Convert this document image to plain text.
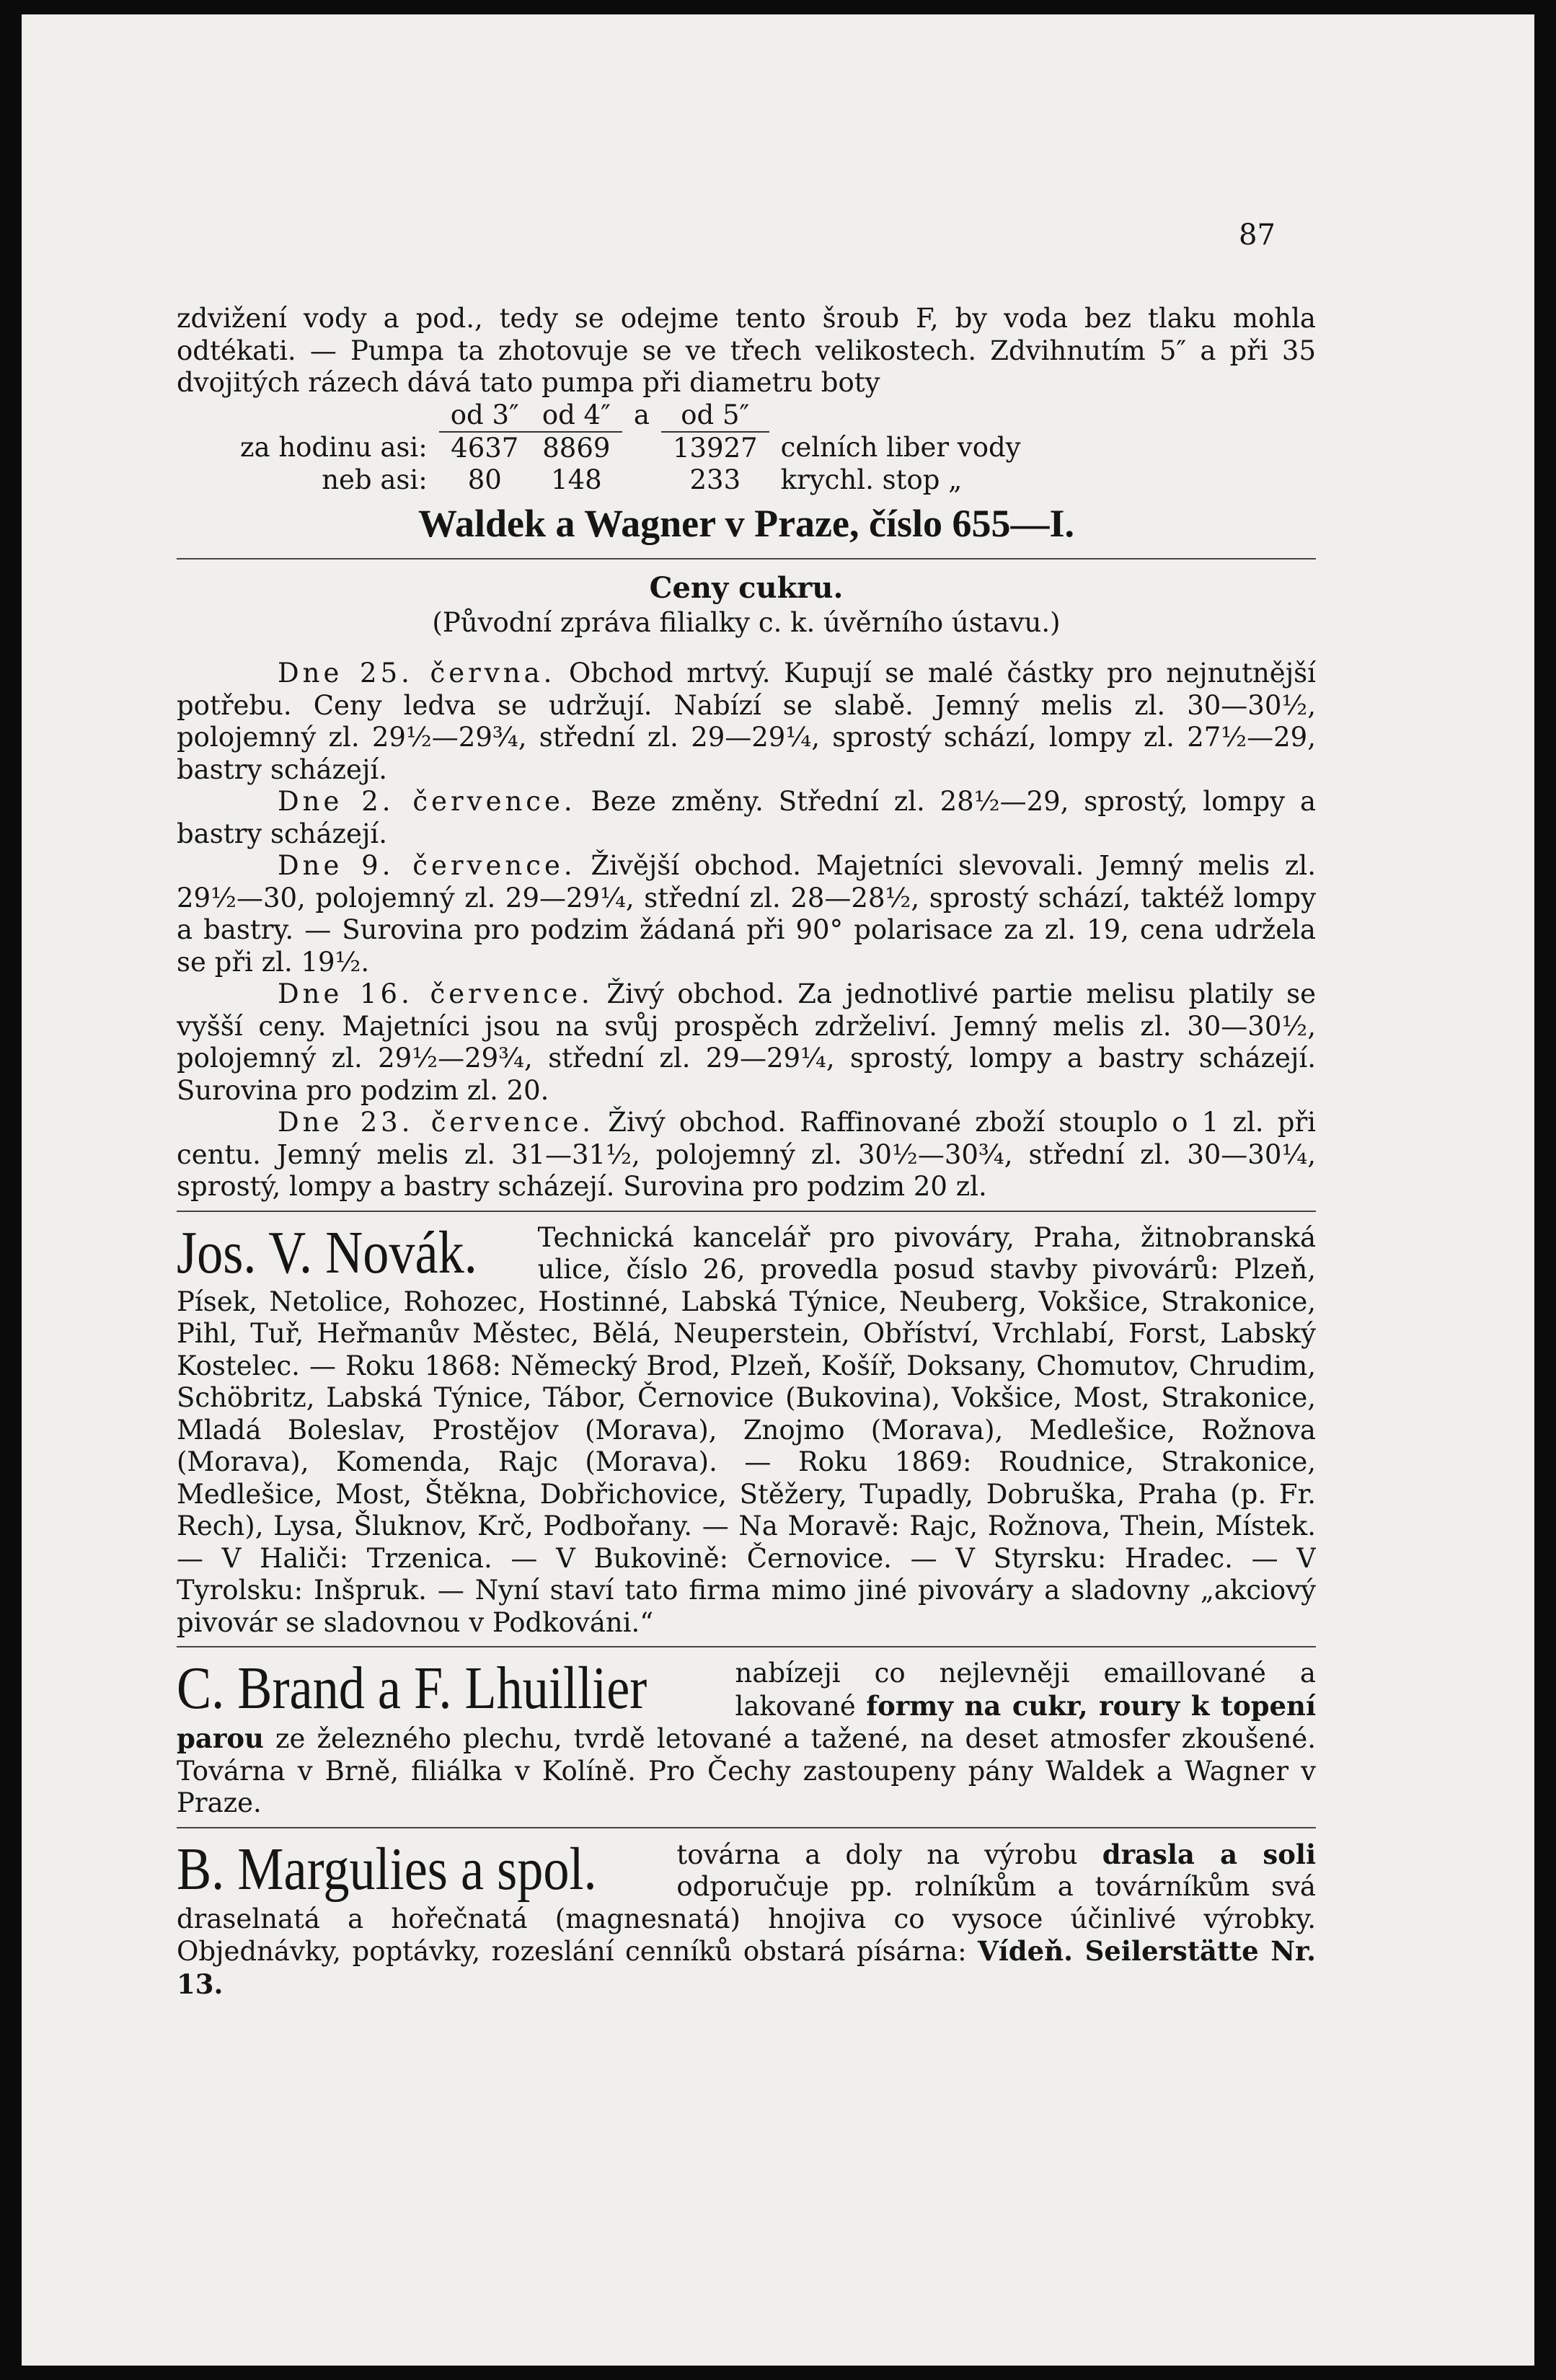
87

zdvižení vody a pod., tedy se odejme tento šroub F, by voda bez tlaku mohla odtékati. — Pumpa ta zhotovuje se ve třech velikostech. Zdvihnutím 5″ a při 35 dvojitých rázech dává tato pumpa při diametru boty

	od 3″	od 4″	a	od 5″	
za hodinu asi:	4637	8869		13927	celních liber vody
neb asi:	80	148		233	krychl. stop „
Waldek a Wagner v Praze, číslo 655—I.
Ceny cukru.
(Původní zpráva filialky c. k. úvěrního ústavu.)

Dne 25. června. Obchod mrtvý. Kupují se malé částky pro nejnutnější potřebu. Ceny ledva se udržují. Nabízí se slabě. Jemný melis zl. 30—30½, polojemný zl. 29½—29¾, střední zl. 29—29¼, sprostý schází, lompy zl. 27½—29, bastry scházejí.

Dne 2. července. Beze změny. Střední zl. 28½—29, sprostý, lompy a bastry scházejí.

Dne 9. července. Živější obchod. Majetníci slevovali. Jemný melis zl. 29½—30, polojemný zl. 29—29¼, střední zl. 28—28½, sprostý schází, taktéž lompy a bastry. — Surovina pro podzim žádaná při 90° polarisace za zl. 19, cena udržela se při zl. 19½.

Dne 16. července. Živý obchod. Za jednotlivé partie melisu platily se vyšší ceny. Majetníci jsou na svůj prospěch zdrželiví. Jemný melis zl. 30—30½, polojemný zl. 29½—29¾, střední zl. 29—29¼, sprostý, lompy a bastry scházejí. Surovina pro podzim zl. 20.

Dne 23. července. Živý obchod. Raffinované zboží stouplo o 1 zl. při centu. Jemný melis zl. 31—31½, polojemný zl. 30½—30¾, střední zl. 30—30¼, sprostý, lompy a bastry scházejí. Surovina pro podzim 20 zl.

Jos. V. Novák.	Technická kancelář pro pivováry, Praha, žitnobranská ulice, číslo 26, provedla posud stavby pivovárů: Plzeň, Písek, Netolice, Rohozec, Hostinné, Labská Týnice, Neuberg, Vokšice, Strakonice, Pihl, Tuř, Heřmanův Městec, Bělá, Neuperstein, Obříství, Vrchlabí, Forst, Labský Kostelec. — Roku 1868: Německý Brod, Plzeň, Košíř, Doksany, Chomutov, Chrudim, Schöbritz, Labská Týnice, Tábor, Černovice (Bukovina), Vokšice, Most, Strakonice, Mladá Boleslav, Prostějov (Morava), Znojmo (Morava), Medlešice, Rožnova (Morava), Komenda, Rajc (Morava). — Roku 1869: Roudnice, Strakonice, Medlešice, Most, Štěkna, Dobřichovice, Stěžery, Tupadly, Dobruška, Praha (p. Fr. Rech), Lysa, Šluknov, Krč, Podbořany. — Na Moravě: Rajc, Rožnova, Thein, Místek. — V Haliči: Trzenica. — V Bukovině: Černovice. — V Styrsku: Hradec. — V Tyrolsku: Inšpruk. — Nyní staví tato firma mimo jiné pivováry a sladovny „akciový pivovár se sladovnou v Podkováni.“

C. Brand a F. Lhuillier	nabízeji co nejlevněji emaillované a lakované formy na cukr, roury k topení parou ze železného plechu, tvrdě letované a tažené, na deset atmosfer zkoušené. Továrna v Brně, filiálka v Kolíně. Pro Čechy zastoupeny pány Waldek a Wagner v Praze.

B. Margulies a spol.	továrna a doly na výrobu drasla a soli odporučuje pp. rolníkům a továrníkům svá draselnatá a hořečnatá (magnesnatá) hnojiva co vysoce účinlivé výrobky. Objednávky, poptávky, rozeslání cenníků obstará písárna: Vídeň. Seilerstätte Nr. 13.
